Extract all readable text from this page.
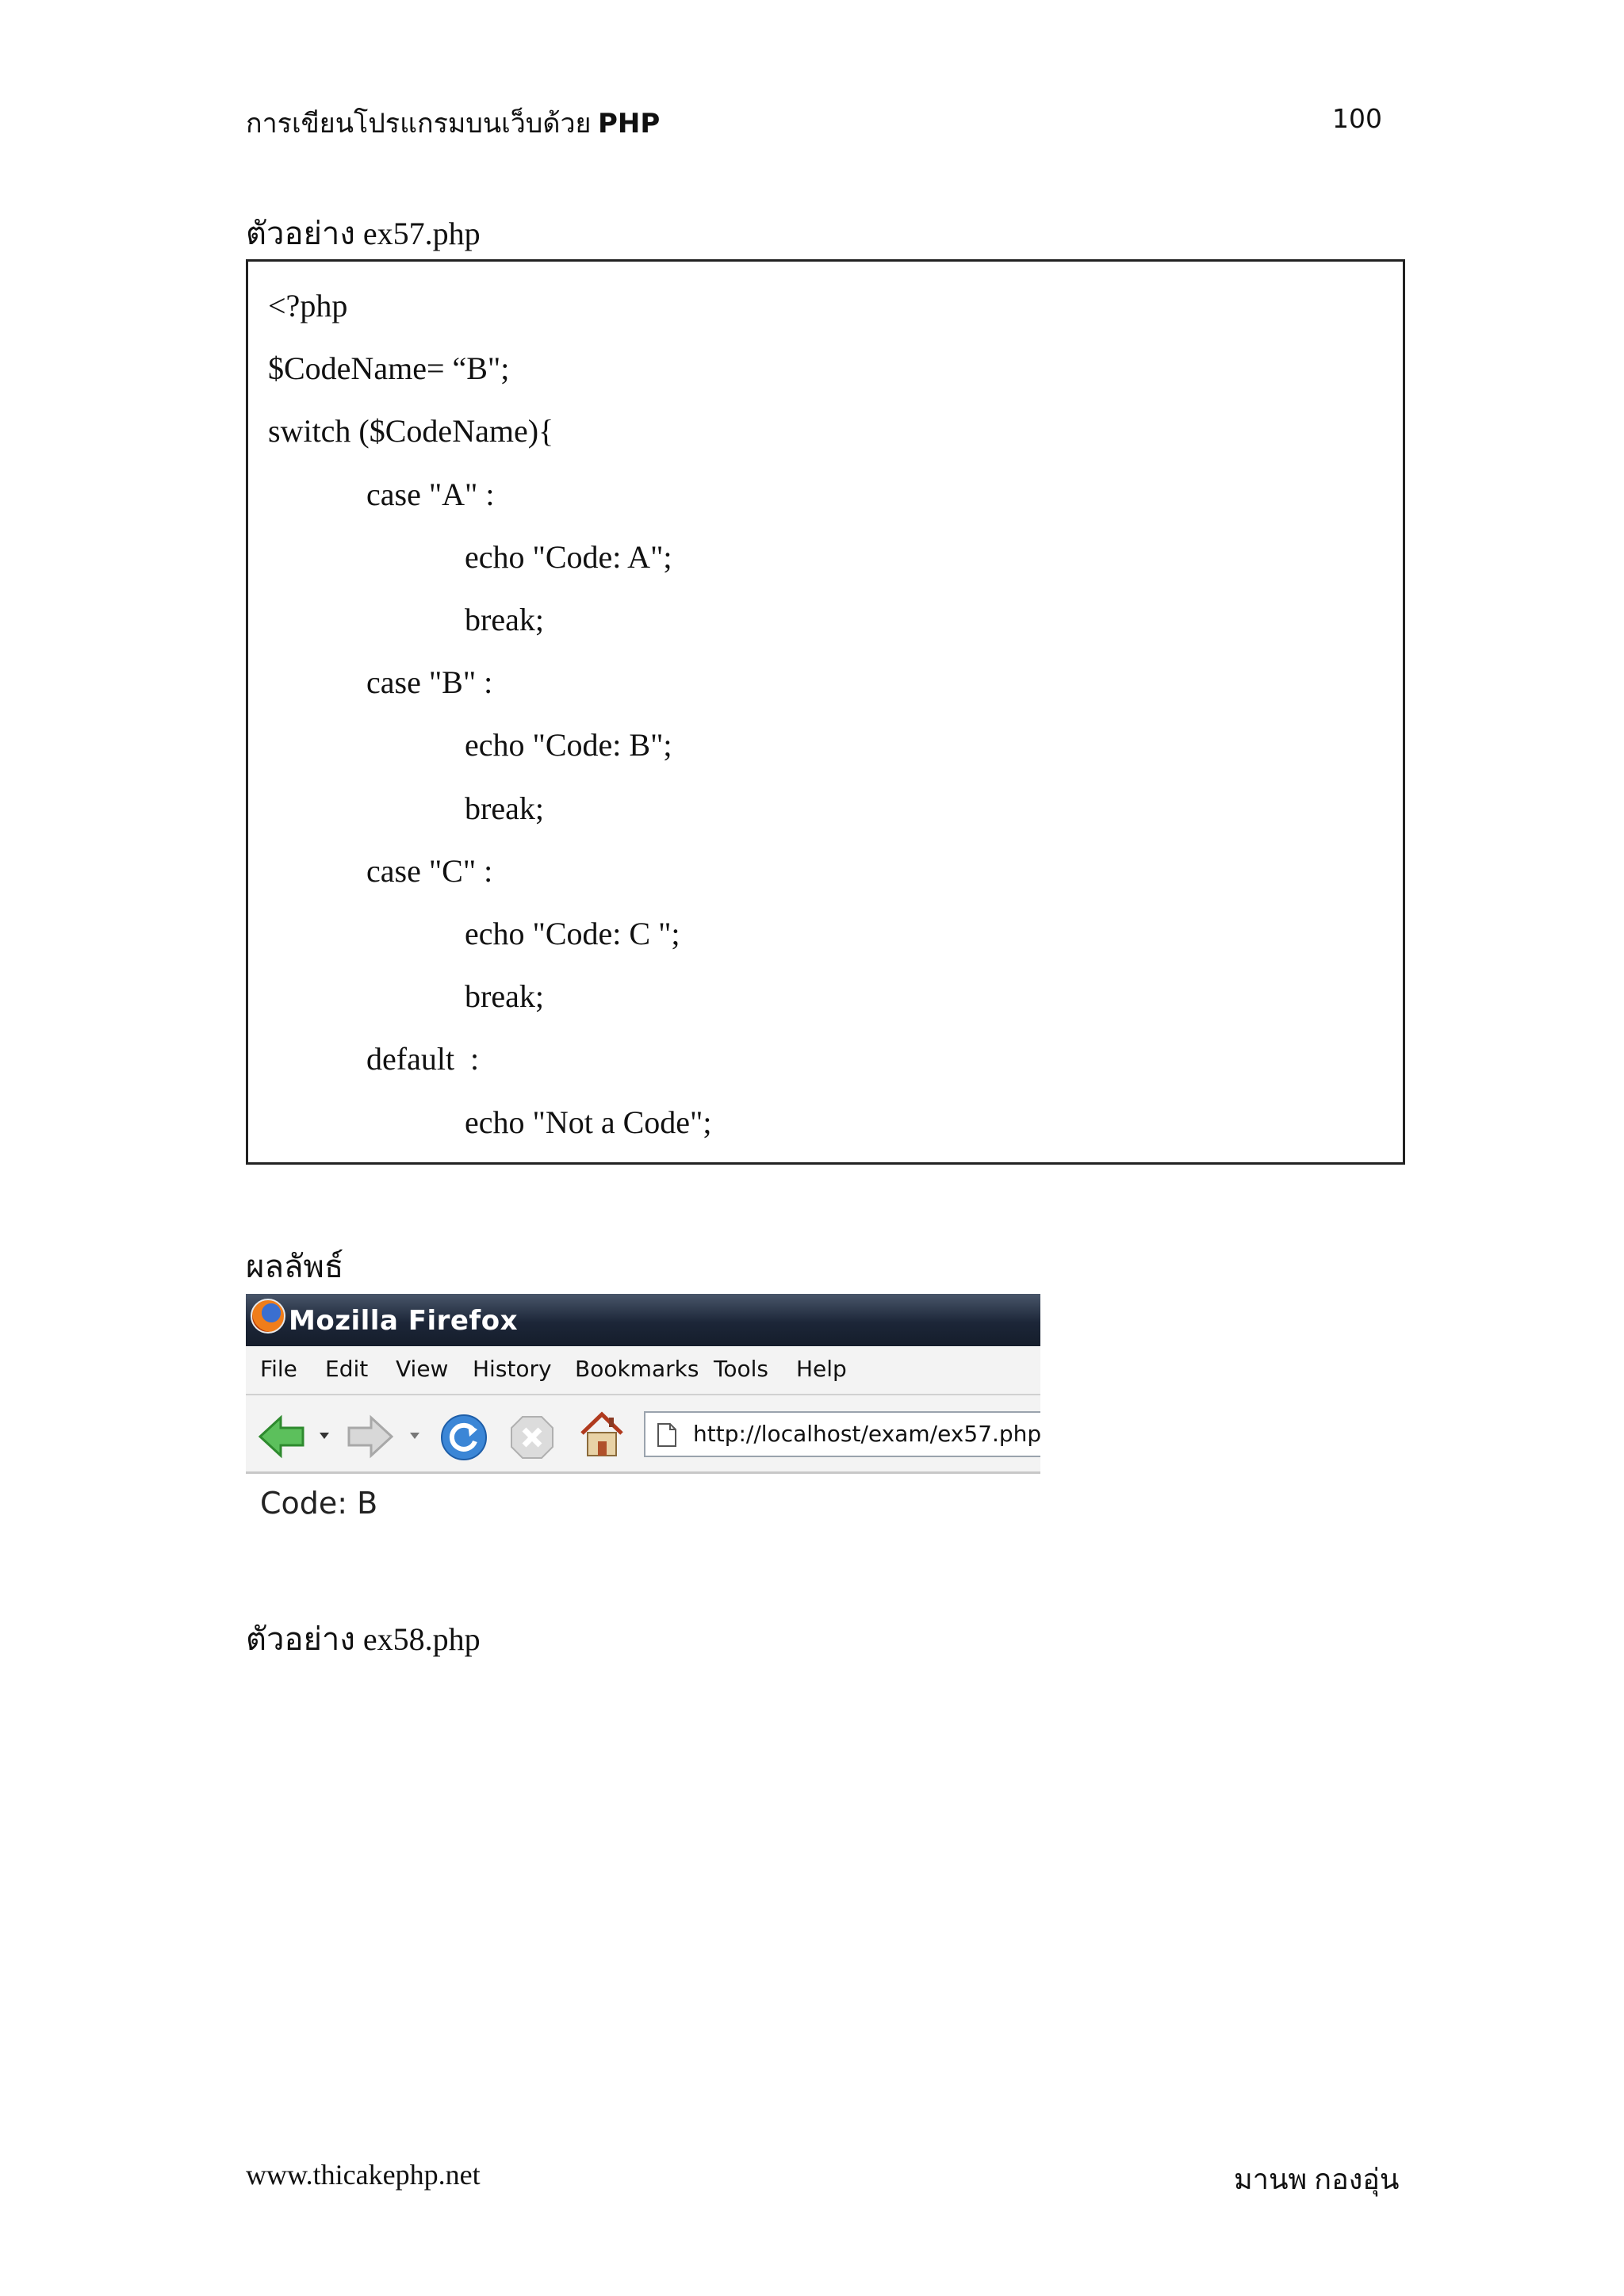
การเขียนโปรแกรมบนเว็บด้วย PHP	100
ตัวอย่าง ex57.php
<?php
$CodeName= “B";
switch ($CodeName){
case "A" :
echo "Code: A";
break;
case "B" :
echo "Code: B";
break;
case "C" :
echo "Code: C ";
break;
default  :
echo "Not a Code";
ผลลัพธ์
Mozilla Firefox
File Edit View History Bookmarks Tools Help
http://localhost/exam/ex57.php
Code: B
ตัวอย่าง ex58.php
www.thicakephp.net	มานพ กองอุ่น
